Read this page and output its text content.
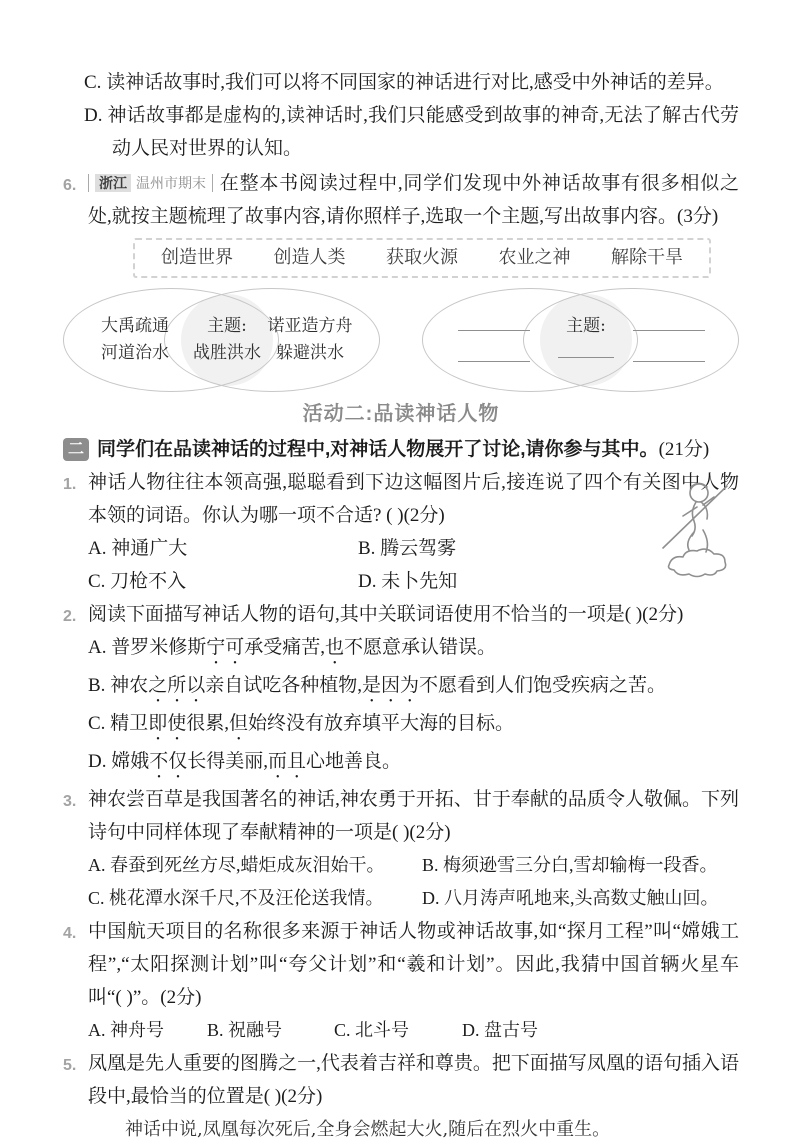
C. 读神话故事时,我们可以将不同国家的神话进行对比,感受中外神话的差异。
D. 神话故事都是虚构的,读神话时,我们只能感受到故事的神奇,无法了解古代劳动人民对世界的认知。
6. 浙江 温州市期末 在整本书阅读过程中,同学们发现中外神话故事有很多相似之处,就按主题梳理了故事内容,请你照样子,选取一个主题,写出故事内容。(3分)
创造世界 创造人类 获取火源 农业之神 解除干旱
大禹疏通
河道治水
主题:
战胜洪水
诺亚造方舟
躲避洪水
主题:
活动二:品读神话人物
二 同学们在品读神话的过程中,对神话人物展开了讨论,请你参与其中。(21分)
1. 神话人物往往本领高强,聪聪看到下边这幅图片后,接连说了四个有关图中人物本领的词语。你认为哪一项不合适? ( )(2分)
A. 神通广大	B. 腾云驾雾
C. 刀枪不入	D. 未卜先知
2. 阅读下面描写神话人物的语句,其中关联词语使用不恰当的一项是( )(2分)
A. 普罗米修斯宁可承受痛苦,也不愿意承认错误。
B. 神农之所以亲自试吃各种植物,是因为不愿看到人们饱受疾病之苦。
C. 精卫即使很累,但始终没有放弃填平大海的目标。
D. 嫦娥不仅长得美丽,而且心地善良。
3. 神农尝百草是我国著名的神话,神农勇于开拓、甘于奉献的品质令人敬佩。下列诗句中同样体现了奉献精神的一项是( )(2分)
A. 春蚕到死丝方尽,蜡炬成灰泪始干。	B. 梅须逊雪三分白,雪却输梅一段香。
C. 桃花潭水深千尺,不及汪伦送我情。	D. 八月涛声吼地来,头高数丈触山回。
4. 中国航天项目的名称很多来源于神话人物或神话故事,如“探月工程”叫“嫦娥工程”,“太阳探测计划”叫“夸父计划”和“羲和计划”。因此,我猜中国首辆火星车叫“( )”。(2分)
A. 神舟号	B. 祝融号	C. 北斗号	D. 盘古号
5. 凤凰是先人重要的图腾之一,代表着吉祥和尊贵。把下面描写凤凰的语句插入语段中,最恰当的位置是( )(2分)
神话中说,凤凰每次死后,全身会燃起大火,随后在烈火中重生。
